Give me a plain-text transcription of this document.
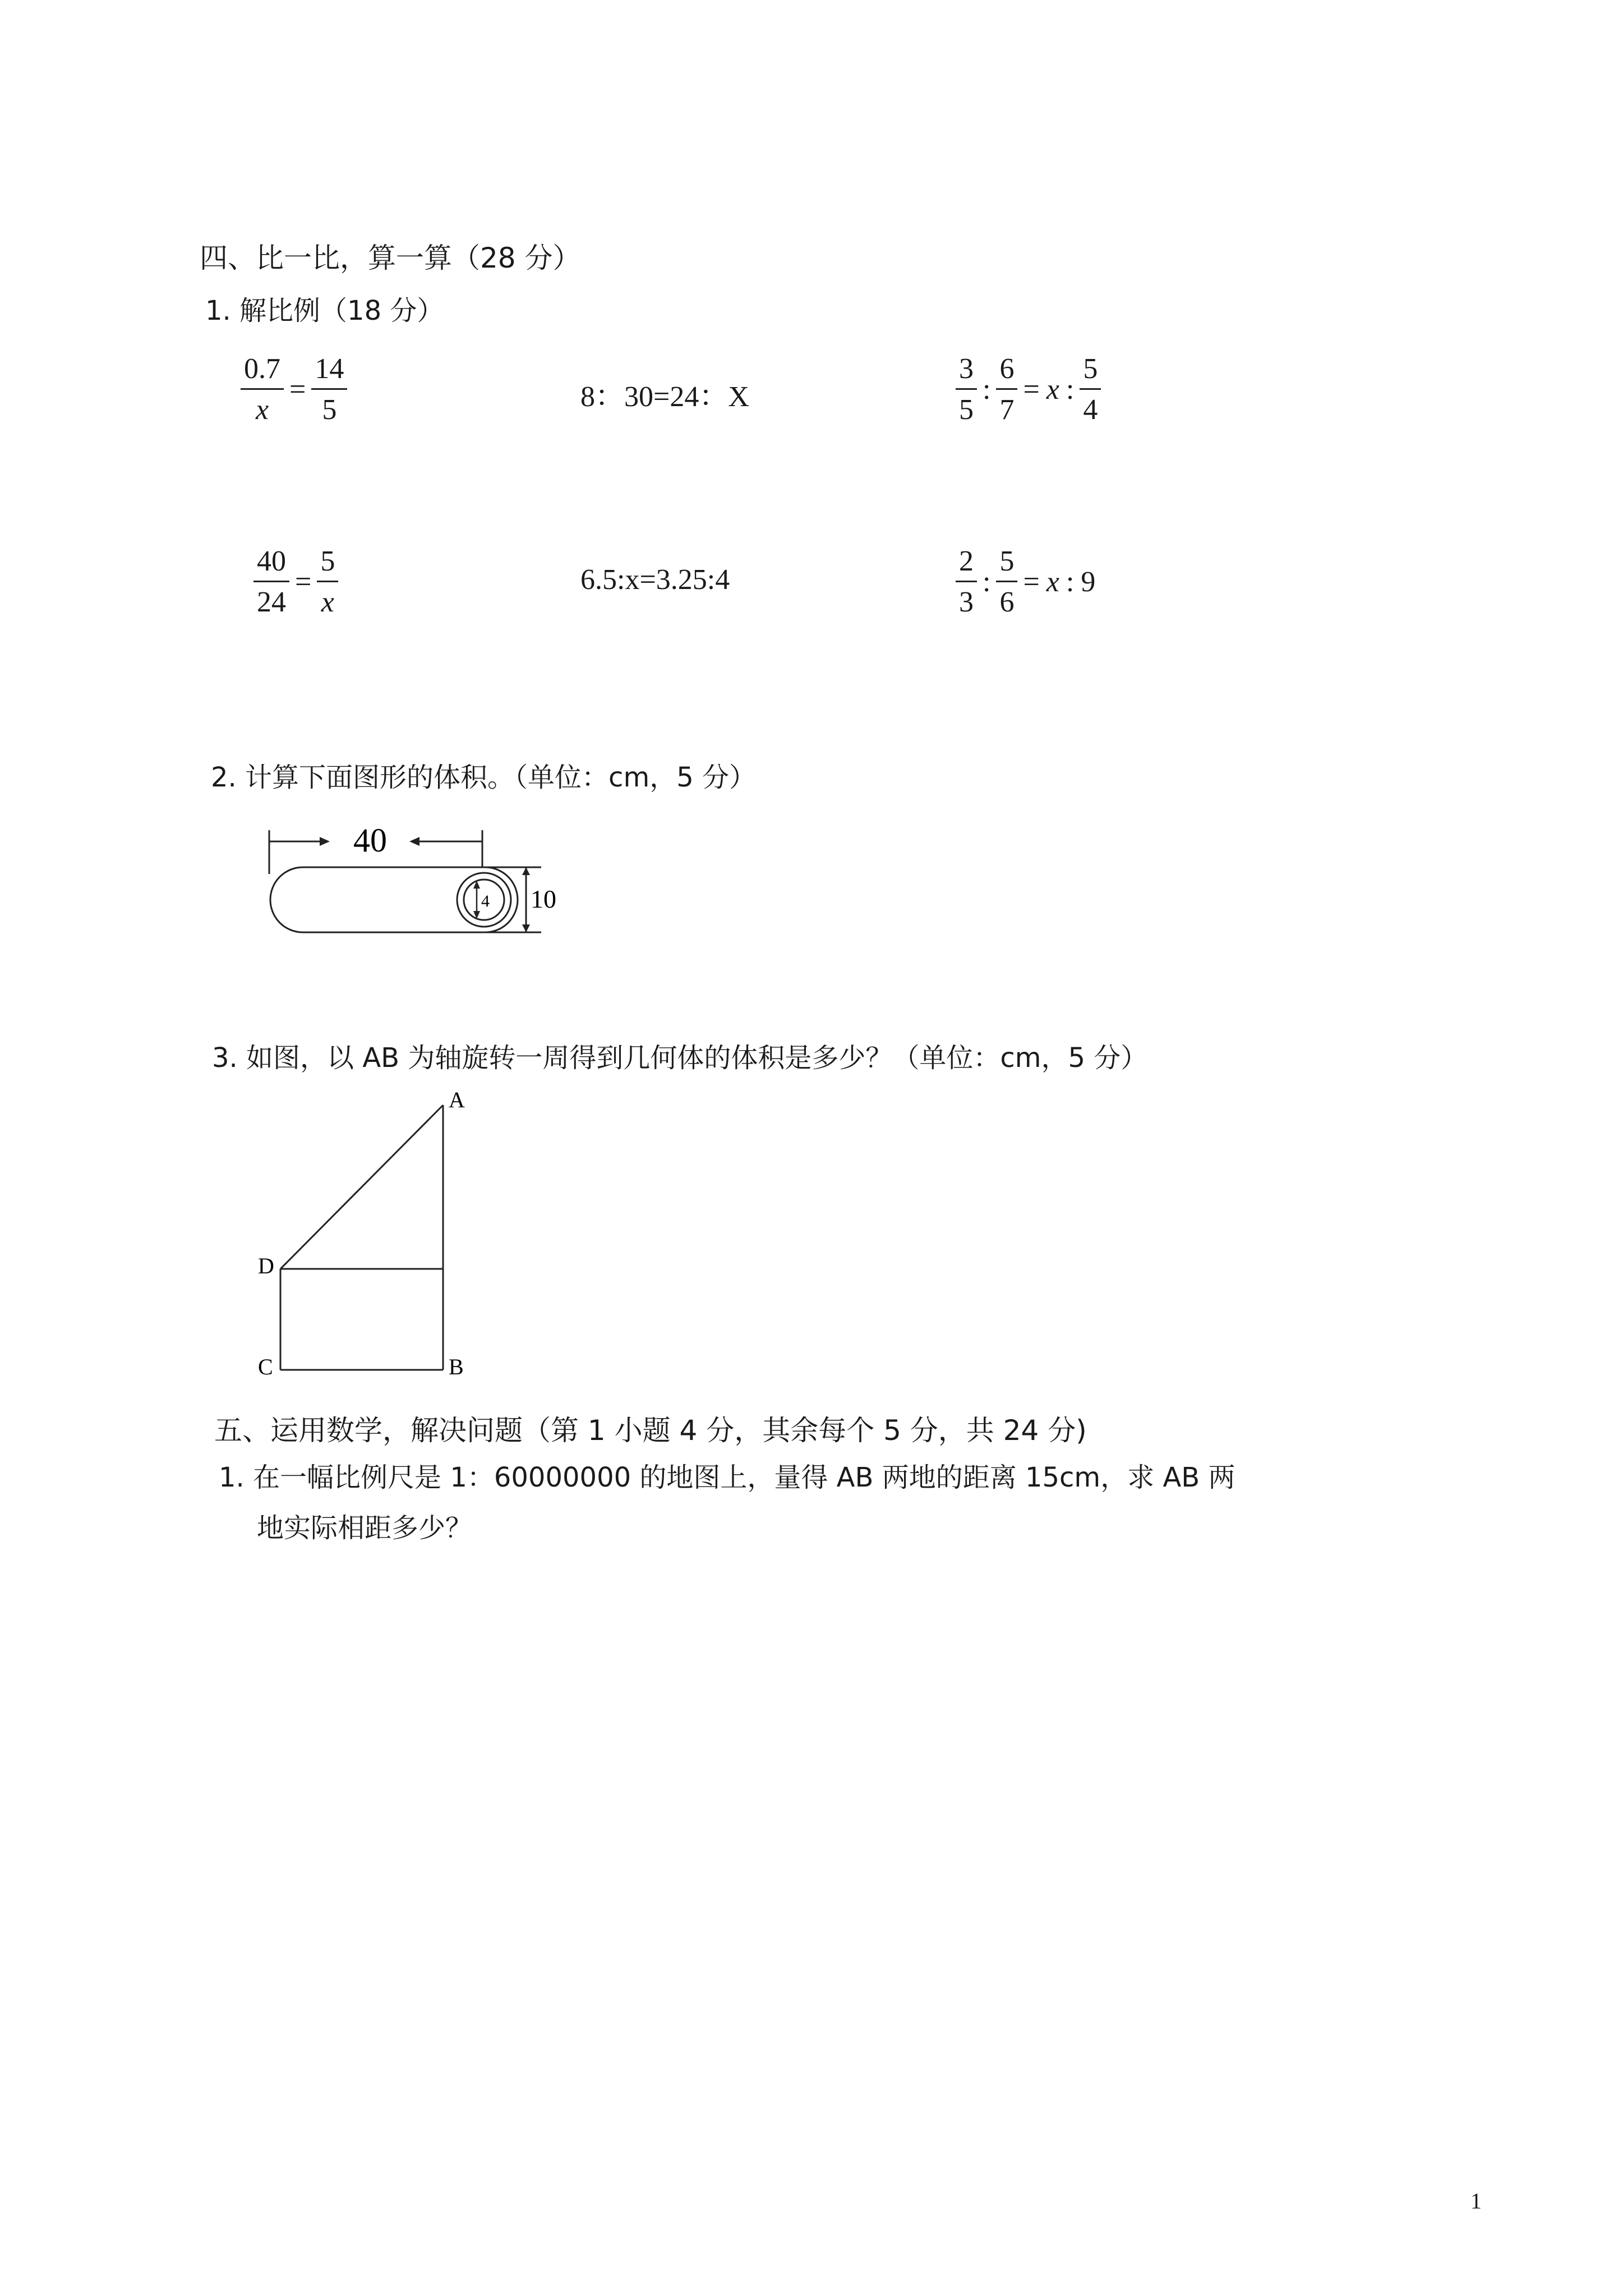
四、比一比，算一算（28 分）
1. 解比例（18 分）
$\frac{0.7}{x} = \frac{14}{5}$	8：30=24：X	$\frac{3}{5}$ : $\frac{6}{7} = x$ : $\frac{5}{4}$
$\frac{40}{24} = \frac{5}{x}$	6.5:x=3.25:4	$\frac{2}{3}$ : $\frac{5}{6} = x$ : 9
2. 计算下面图形的体积。（单位：cm，5 分）
40
4 10
3. 如图，以 AB 为轴旋转一周得到几何体的体积是多少？（单位：cm，5 分）
A
B
C
D
五、运用数学，解决问题（第 1 小题 4 分，其余每个 5 分，共 24 分)
1. 在一幅比例尺是 1：60000000 的地图上，量得 AB 两地的距离 15cm，求 AB 两
地实际相距多少？
1
